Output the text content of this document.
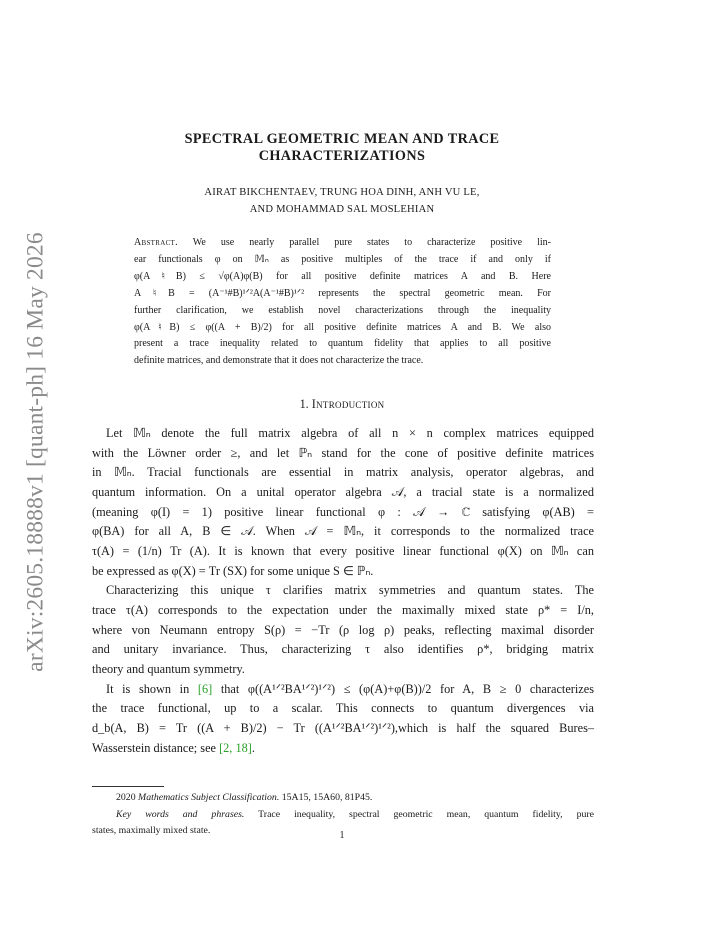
arXiv:2605.18888v1 [quant-ph] 16 May 2026
SPECTRAL GEOMETRIC MEAN AND TRACE
CHARACTERIZATIONS
AIRAT BIKCHENTAEV, TRUNG HOA DINH, ANH VU LE,
AND MOHAMMAD SAL MOSLEHIAN
Abstract. We use nearly parallel pure states to characterize positive lin-
ear functionals φ on 𝕄ₙ as positive multiples of the trace if and only if
φ(A♮B) ≤ √φ(A)φ(B) for all positive definite matrices A and B. Here
A♮B = (A⁻¹#B)¹ᐟ²A(A⁻¹#B)¹ᐟ² represents the spectral geometric mean. For
further clarification, we establish novel characterizations through the inequality
φ(A♮B) ≤ φ((A + B)/2) for all positive definite matrices A and B. We also
present a trace inequality related to quantum fidelity that applies to all positive
definite matrices, and demonstrate that it does not characterize the trace.
1. Introduction
Let 𝕄ₙ denote the full matrix algebra of all n × n complex matrices equipped
with the Löwner order ≥, and let ℙₙ stand for the cone of positive definite matrices
in 𝕄ₙ. Tracial functionals are essential in matrix analysis, operator algebras, and
quantum information. On a unital operator algebra 𝒜, a tracial state is a normalized
(meaning φ(I) = 1) positive linear functional φ : 𝒜 → ℂ satisfying φ(AB) =
φ(BA) for all A, B ∈ 𝒜. When 𝒜 = 𝕄ₙ, it corresponds to the normalized trace
τ(A) = (1/n) Tr (A). It is known that every positive linear functional φ(X) on 𝕄ₙ can
be expressed as φ(X) = Tr (SX) for some unique S ∈ ℙₙ.
Characterizing this unique τ clarifies matrix symmetries and quantum states. The
trace τ(A) corresponds to the expectation under the maximally mixed state ρ* = I/n,
where von Neumann entropy S(ρ) = −Tr (ρ log ρ) peaks, reflecting maximal disorder
and unitary invariance. Thus, characterizing τ also identifies ρ*, bridging matrix
theory and quantum symmetry.
It is shown in [6] that φ((A¹ᐟ²BA¹ᐟ²)¹ᐟ²) ≤ (φ(A)+φ(B))/2 for A, B ≥ 0 characterizes
the trace functional, up to a scalar. This connects to quantum divergences via
d_b(A, B) = Tr ((A + B)/2) − Tr ((A¹ᐟ²BA¹ᐟ²)¹ᐟ²),which is half the squared Bures–
Wasserstein distance; see [2, 18].
2020 Mathematics Subject Classification. 15A15, 15A60, 81P45.
Key words and phrases. Trace inequality, spectral geometric mean, quantum fidelity, pure
states, maximally mixed state.	1
